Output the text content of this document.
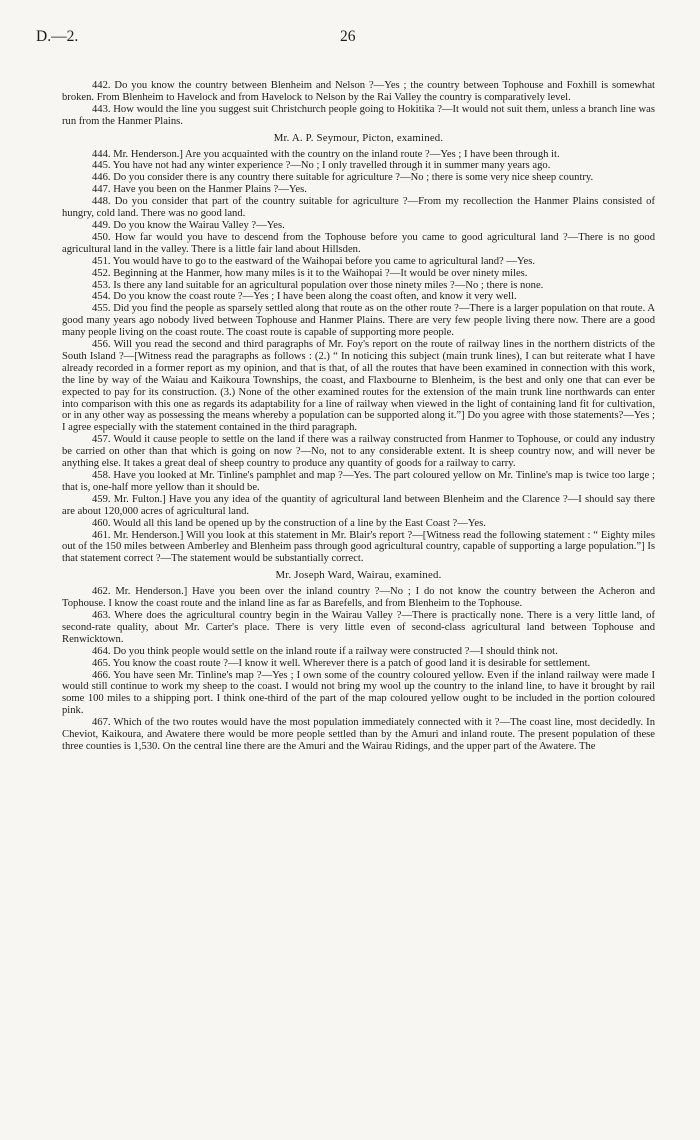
D.—2.	26

442. Do you know the country between Blenheim and Nelson ?—Yes ; the country between Tophouse and Foxhill is somewhat broken. From Blenheim to Havelock and from Havelock to Nelson by the Rai Valley the country is comparatively level.

443. How would the line you suggest suit Christchurch people going to Hokitika ?—It would not suit them, unless a branch line was run from the Hanmer Plains.

Mr. A. P. Seymour, Picton, examined.

444. Mr. Henderson.] Are you acquainted with the country on the inland route ?—Yes ; I have been through it.

445. You have not had any winter experience ?—No ; I only travelled through it in summer many years ago.

446. Do you consider there is any country there suitable for agriculture ?—No ; there is some very nice sheep country.

447. Have you been on the Hanmer Plains ?—Yes.

448. Do you consider that part of the country suitable for agriculture ?—From my recollection the Hanmer Plains consisted of hungry, cold land. There was no good land.

449. Do you know the Wairau Valley ?—Yes.

450. How far would you have to descend from the Tophouse before you came to good agricultural land ?—There is no good agricultural land in the valley. There is a little fair land about Hillsden.

451. You would have to go to the eastward of the Waihopai before you came to agricultural land? —Yes.

452. Beginning at the Hanmer, how many miles is it to the Waihopai ?—It would be over ninety miles.

453. Is there any land suitable for an agricultural population over those ninety miles ?—No ; there is none.

454. Do you know the coast route ?—Yes ; I have been along the coast often, and know it very well.

455. Did you find the people as sparsely settled along that route as on the other route ?—There is a larger population on that route. A good many years ago nobody lived between Tophouse and Hanmer Plains. There are very few people living there now. There are a good many people living on the coast route. The coast route is capable of supporting more people.

456. Will you read the second and third paragraphs of Mr. Foy's report on the route of railway lines in the northern districts of the South Island ?—[Witness read the paragraphs as follows : (2.) “ In noticing this subject (main trunk lines), I can but reiterate what I have already recorded in a former report as my opinion, and that is that, of all the routes that have been examined in connection with this work, the line by way of the Waiau and Kaikoura Townships, the coast, and Flaxbourne to Blenheim, is the best and only one that can ever be expected to pay for its construction. (3.) None of the other examined routes for the extension of the main trunk line northwards can enter into comparison with this one as regards its adaptability for a line of railway when viewed in the light of containing land fit for cultivation, or in any other way as possessing the means whereby a population can be supported along it.”] Do you agree with those statements?—Yes ; I agree especially with the statement contained in the third paragraph.

457. Would it cause people to settle on the land if there was a railway constructed from Hanmer to Tophouse, or could any industry be carried on other than that which is going on now ?—No, not to any considerable extent. It is sheep country now, and will never be anything else. It takes a great deal of sheep country to produce any quantity of goods for a railway to carry.

458. Have you looked at Mr. Tinline's pamphlet and map ?—Yes. The part coloured yellow on Mr. Tinline's map is twice too large ; that is, one-half more yellow than it should be.

459. Mr. Fulton.] Have you any idea of the quantity of agricultural land between Blenheim and the Clarence ?—I should say there are about 120,000 acres of agricultural land.

460. Would all this land be opened up by the construction of a line by the East Coast ?—Yes.

461. Mr. Henderson.] Will you look at this statement in Mr. Blair's report ?—[Witness read the following statement : “ Eighty miles out of the 150 miles between Amberley and Blenheim pass through good agricultural country, capable of supporting a large population.”] Is that statement correct ?—The statement would be substantially correct.

Mr. Joseph Ward, Wairau, examined.

462. Mr. Henderson.] Have you been over the inland country ?—No ; I do not know the country between the Acheron and Tophouse. I know the coast route and the inland line as far as Barefells, and from Blenheim to the Tophouse.

463. Where does the agricultural country begin in the Wairau Valley ?—There is practically none. There is a very little land, of second-rate quality, about Mr. Carter's place. There is very little even of second-class agricultural land between Tophouse and Renwicktown.

464. Do you think people would settle on the inland route if a railway were constructed ?—I should think not.

465. You know the coast route ?—I know it well. Wherever there is a patch of good land it is desirable for settlement.

466. You have seen Mr. Tinline's map ?—Yes ; I own some of the country coloured yellow. Even if the inland railway were made I would still continue to work my sheep to the coast. I would not bring my wool up the country to the inland line, to have it brought by rail some 100 miles to a shipping port. I think one-third of the part of the map coloured yellow ought to be included in the portion coloured pink.

467. Which of the two routes would have the most population immediately connected with it ?—The coast line, most decidedly. In Cheviot, Kaikoura, and Awatere there would be more people settled than by the Amuri and inland route. The present population of these three counties is 1,530. On the central line there are the Amuri and the Wairau Ridings, and the upper part of the Awatere. The
